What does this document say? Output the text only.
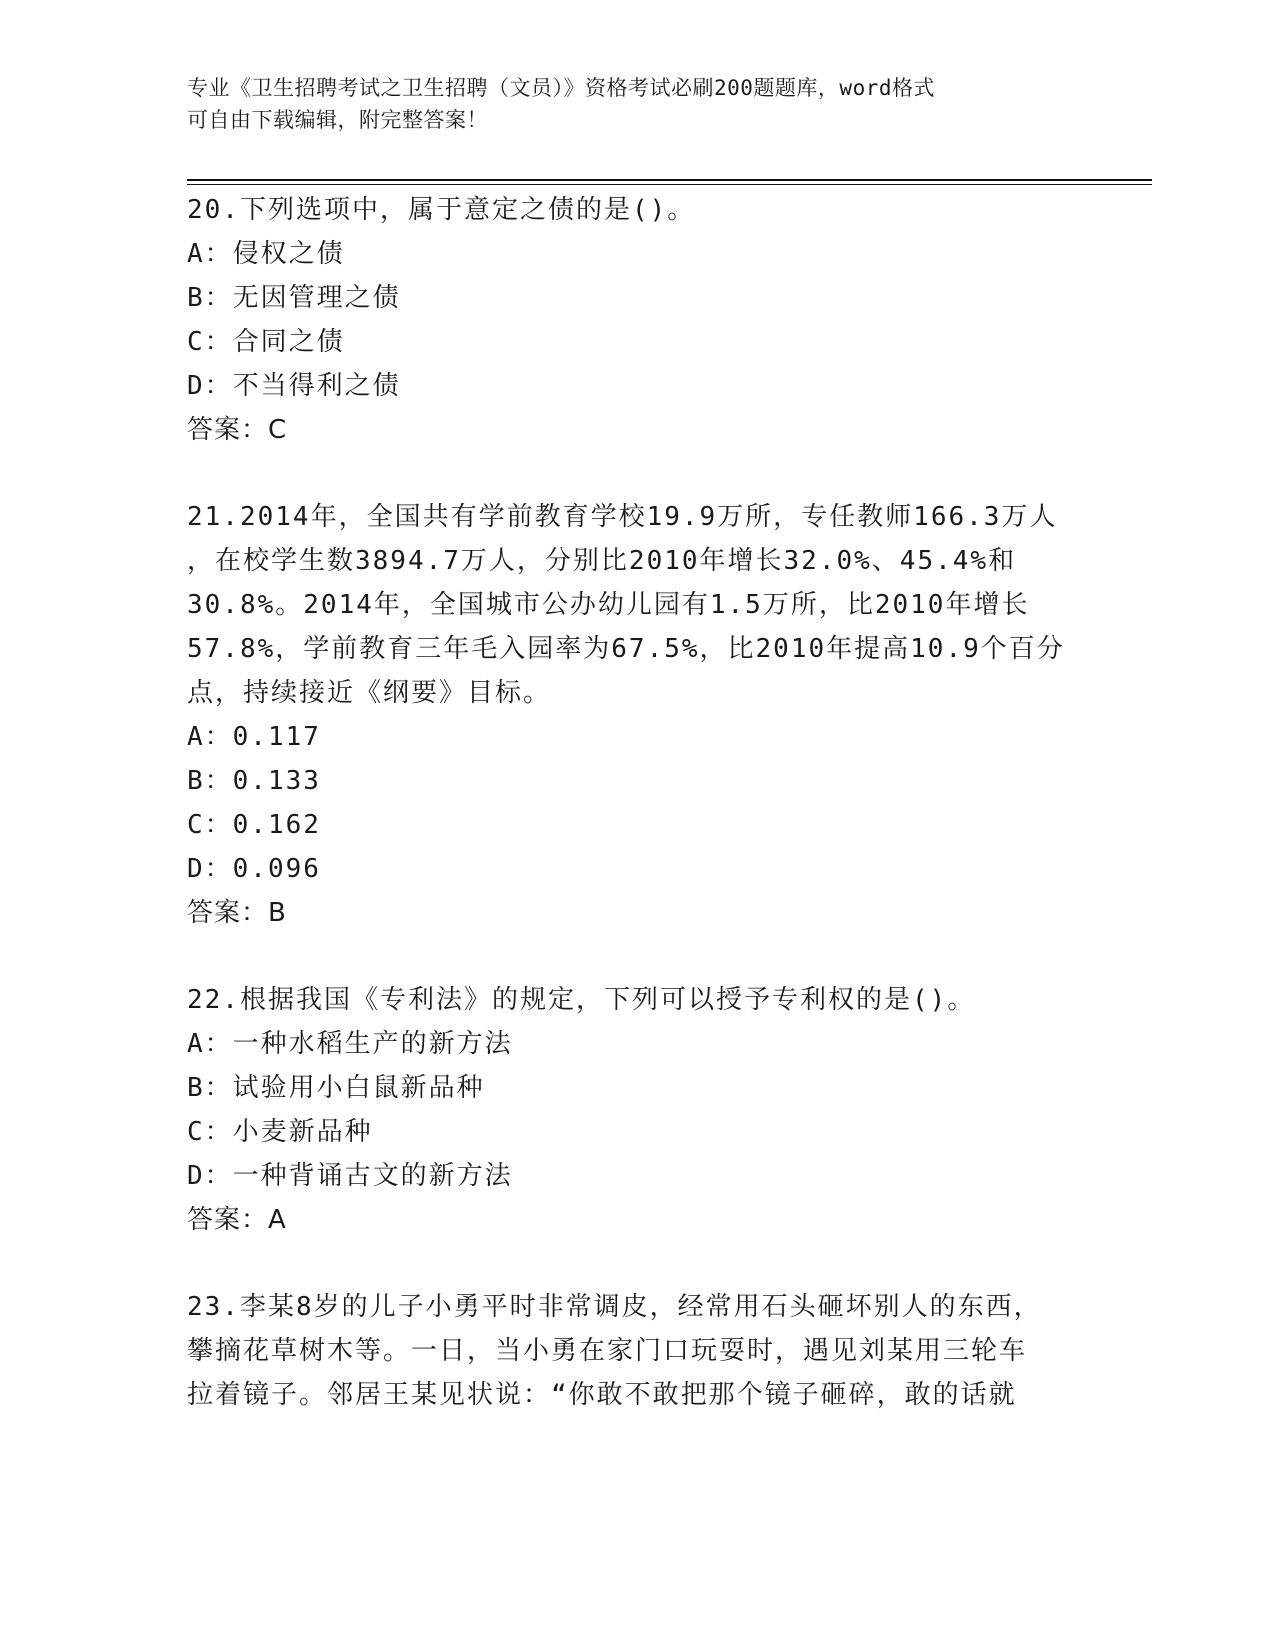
专业《卫生招聘考试之卫生招聘（文员）》资格考试必刷200题题库，word格式
可自由下载编辑，附完整答案！
20.下列选项中，属于意定之债的是()。
A：侵权之债
B：无因管理之债
C：合同之债
D：不当得利之债
答案：C
21.2014年，全国共有学前教育学校19.9万所，专任教师166.3万人
，在校学生数3894.7万人，分别比2010年增长32.0%、45.4%和
30.8%。2014年，全国城市公办幼儿园有1.5万所，比2010年增长
57.8%，学前教育三年毛入园率为67.5%，比2010年提高10.9个百分
点，持续接近《纲要》目标。
A：0.117
B：0.133
C：0.162
D：0.096
答案：B
22.根据我国《专利法》的规定，下列可以授予专利权的是()。
A：一种水稻生产的新方法
B：试验用小白鼠新品种
C：小麦新品种
D：一种背诵古文的新方法
答案：A
23.李某8岁的儿子小勇平时非常调皮，经常用石头砸坏别人的东西，
攀摘花草树木等。一日，当小勇在家门口玩耍时，遇见刘某用三轮车
拉着镜子。邻居王某见状说：“你敢不敢把那个镜子砸碎，敢的话就
